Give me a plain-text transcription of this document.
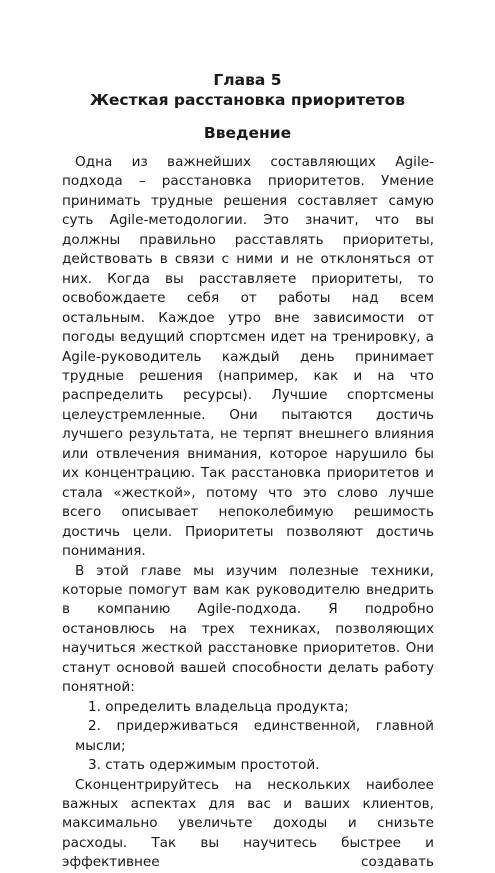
Глава 5
Жесткая расстановка приоритетов
Введение

Одна из важнейших составляющих Agile-подхода – расстановка приоритетов. Умение принимать трудные решения составляет самую суть Agile-методологии. Это значит, что вы должны правильно расставлять приоритеты, действовать в связи с ними и не отклоняться от них. Когда вы расставляете приоритеты, то освобождаете себя от работы над всем остальным. Каждое утро вне зависимости от погоды ведущий спортсмен идет на тренировку, а Agile-руководитель каждый день принимает трудные решения (например, как и на что распределить ресурсы). Лучшие спортсмены целеустремленные. Они пытаются достичь лучшего результата, не терпят внешнего влияния или отвлечения внимания, которое нарушило бы их концентрацию. Так расстановка приоритетов и стала «жесткой», потому что это слово лучше всего описывает непоколебимую решимость достичь цели. Приоритеты позволяют достичь понимания.

В этой главе мы изучим полезные техники, которые помогут вам как руководителю внедрить в компанию Agile-подхода. Я подробно остановлюсь на трех техниках, позволяющих научиться жесткой расстановке приоритетов. Они станут основой вашей способности делать работу понятной:

1. определить владельца продукта;

2. придерживаться единственной, главной мысли;

3. стать одержимым простотой.

Сконцентрируйтесь на нескольких наиболее важных аспектах для вас и ваших клиентов, максимально увеличьте доходы и снизьте расходы. Так вы научитесь быстрее и эффективнее создавать
